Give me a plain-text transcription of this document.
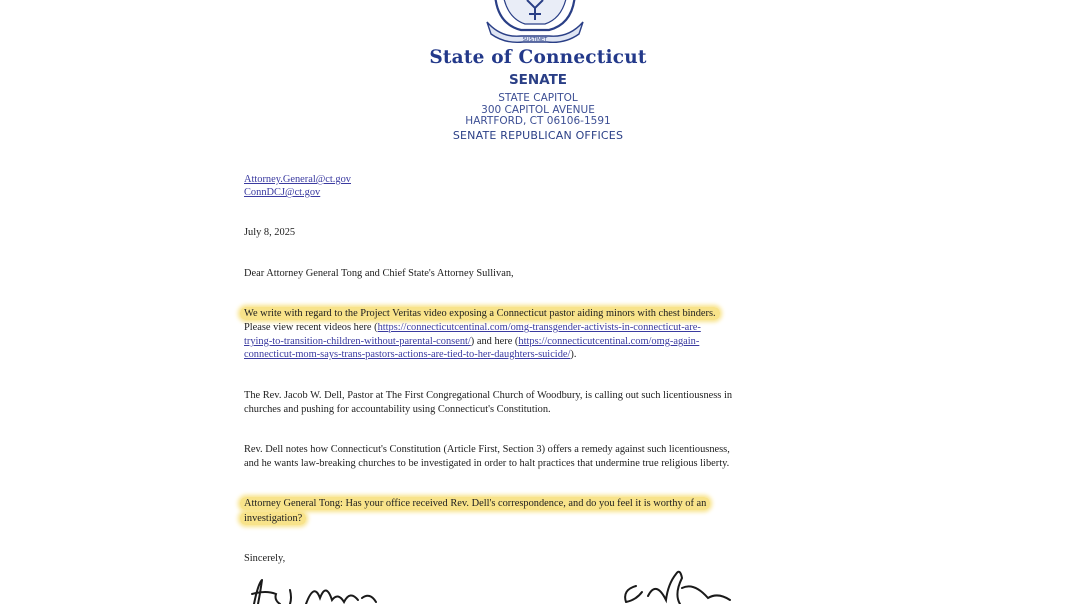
SUSTINET
State of Connecticut
SENATE
STATE CAPITOL
300 CAPITOL AVENUE
HARTFORD, CT 06106-1591
SENATE REPUBLICAN OFFICES
Attorney.General@ct.gov
ConnDCJ@ct.gov
July 8, 2025
Dear Attorney General Tong and Chief State's Attorney Sullivan,
We write with regard to the Project Veritas video exposing a Connecticut pastor aiding minors with chest binders.
Please view recent videos here (https://connecticutcentinal.com/omg-transgender-activists-in-connecticut-are-
trying-to-transition-children-without-parental-consent/) and here (https://connecticutcentinal.com/omg-again-
connecticut-mom-says-trans-pastors-actions-are-tied-to-her-daughters-suicide/).
The Rev. Jacob W. Dell, Pastor at The First Congregational Church of Woodbury, is calling out such licentiousness in
churches and pushing for accountability using Connecticut's Constitution.
Rev. Dell notes how Connecticut's Constitution (Article First, Section 3) offers a remedy against such licentiousness,
and he wants law-breaking churches to be investigated in order to halt practices that undermine true religious liberty.
Attorney General Tong: Has your office received Rev. Dell's correspondence, and do you feel it is worthy of an
investigation?
Sincerely,
